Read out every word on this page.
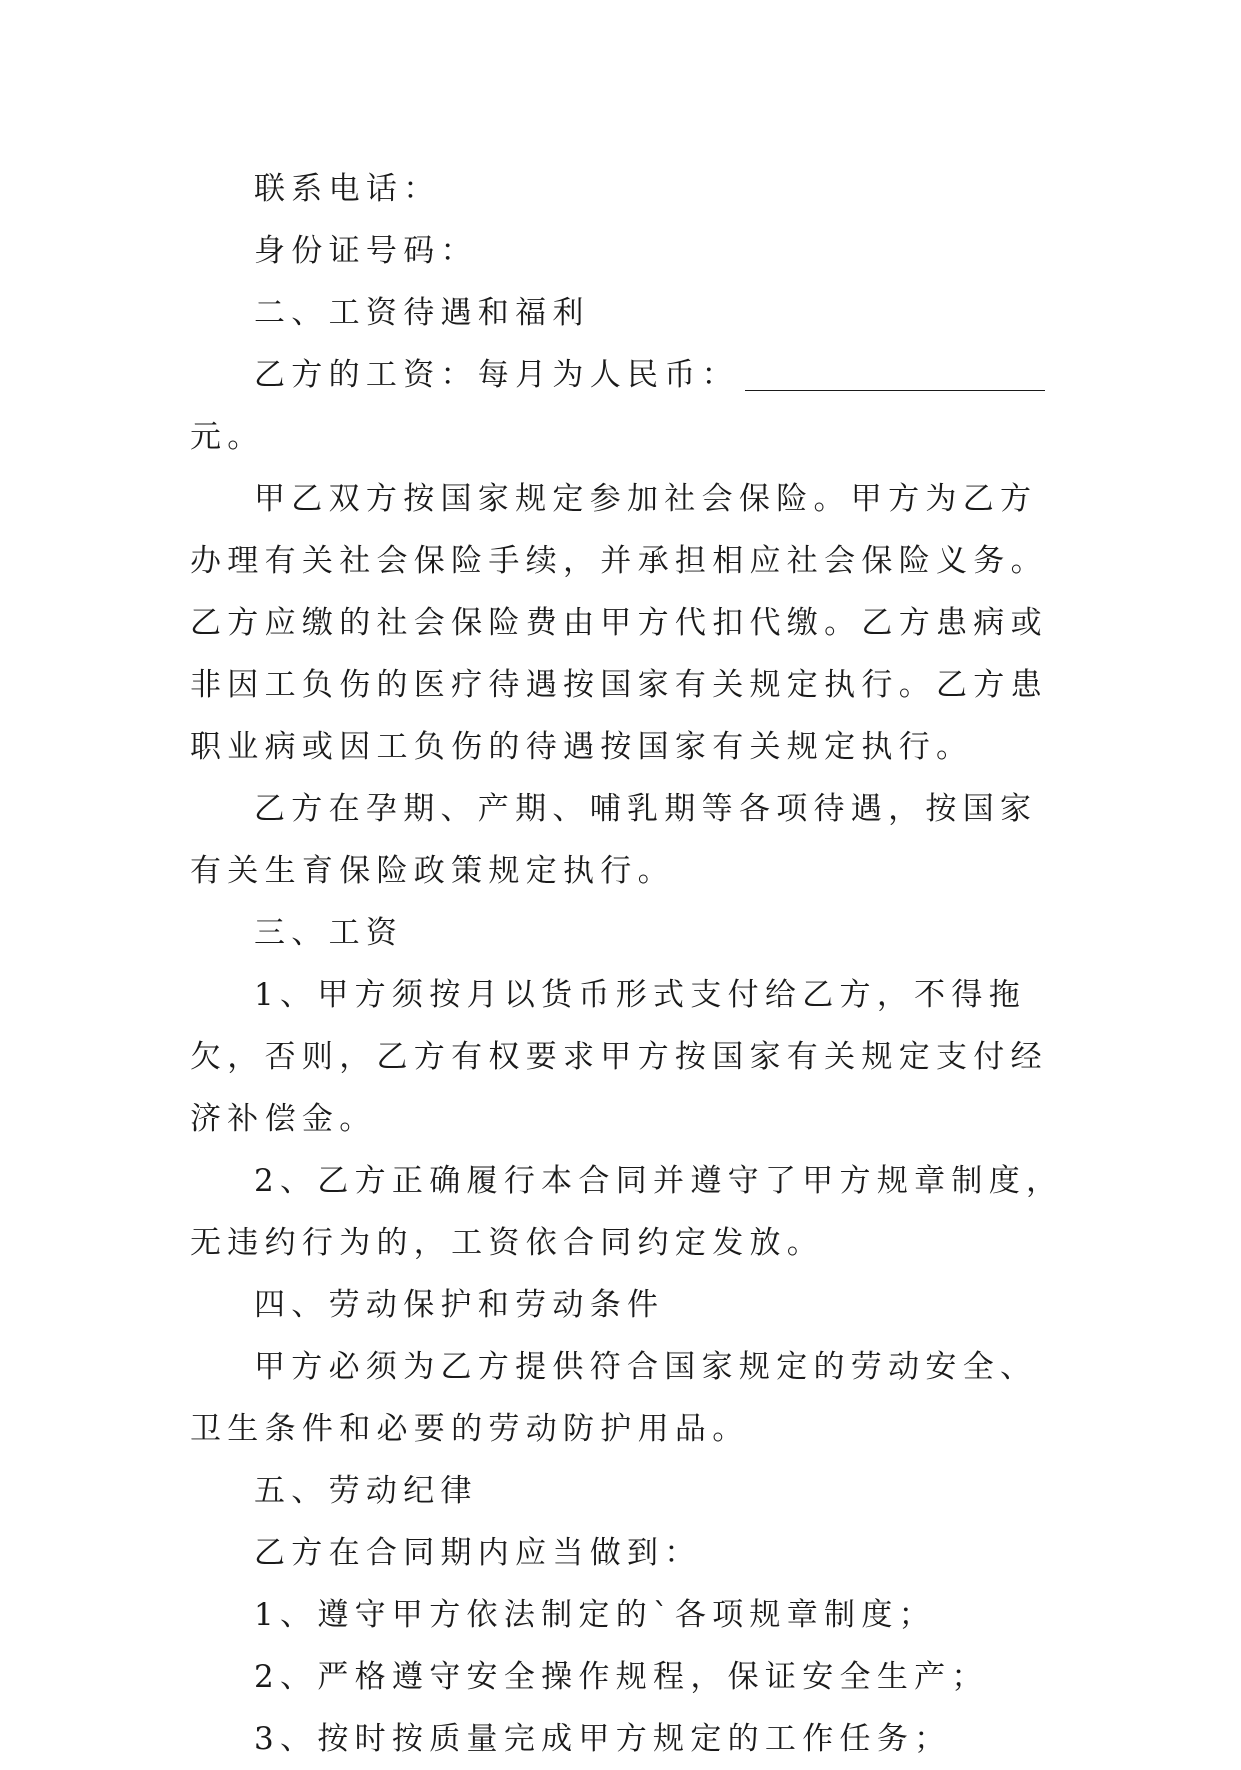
联系电话：

身份证号码：

二、工资待遇和福利

乙方的工资：每月为人民币：元。

甲乙双方按国家规定参加社会保险。甲方为乙方办理有关社会保险手续，并承担相应社会保险义务。乙方应缴的社会保险费由甲方代扣代缴。乙方患病或非因工负伤的医疗待遇按国家有关规定执行。乙方患职业病或因工负伤的待遇按国家有关规定执行。

乙方在孕期、产期、哺乳期等各项待遇，按国家有关生育保险政策规定执行。

三、工资

1、甲方须按月以货币形式支付给乙方，不得拖欠，否则，乙方有权要求甲方按国家有关规定支付经济补偿金。

2、乙方正确履行本合同并遵守了甲方规章制度，无违约行为的，工资依合同约定发放。

四、劳动保护和劳动条件

甲方必须为乙方提供符合国家规定的劳动安全、卫生条件和必要的劳动防护用品。

五、劳动纪律

乙方在合同期内应当做到：

1、遵守甲方依法制定的`各项规章制度；

2、严格遵守安全操作规程，保证安全生产；

3、按时按质量完成甲方规定的工作任务；
